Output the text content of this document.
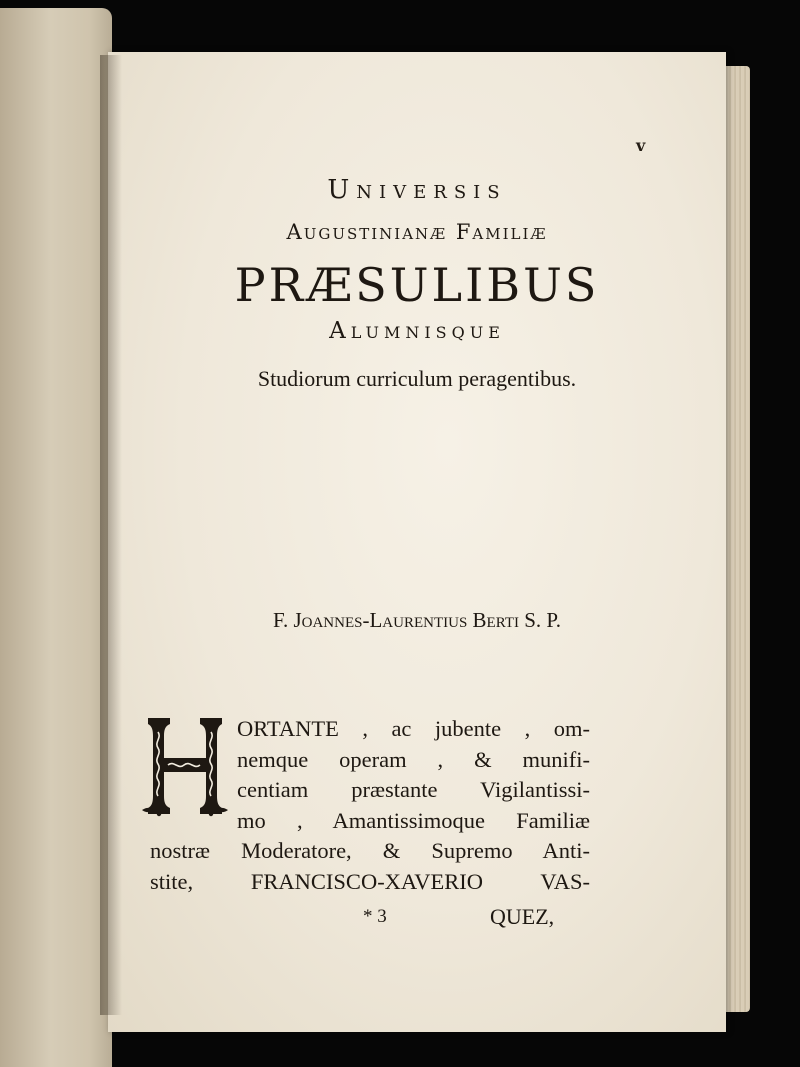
v
Universis
Augustinianæ Familiæ
PRÆSULIBUS
Alumnisque
Studiorum curriculum peragentibus.
F. Joannes-Laurentius Berti S. P.
ORTANTE , ac jubente , om-
nemque operam , & munifi-
centiam præstante Vigilantissi-
mo , Amantissimoque Familiæ
nostræ Moderatore, & Supremo Anti-
stite, FRANCISCO-XAVERIO VAS-
* 3	QUEZ,
